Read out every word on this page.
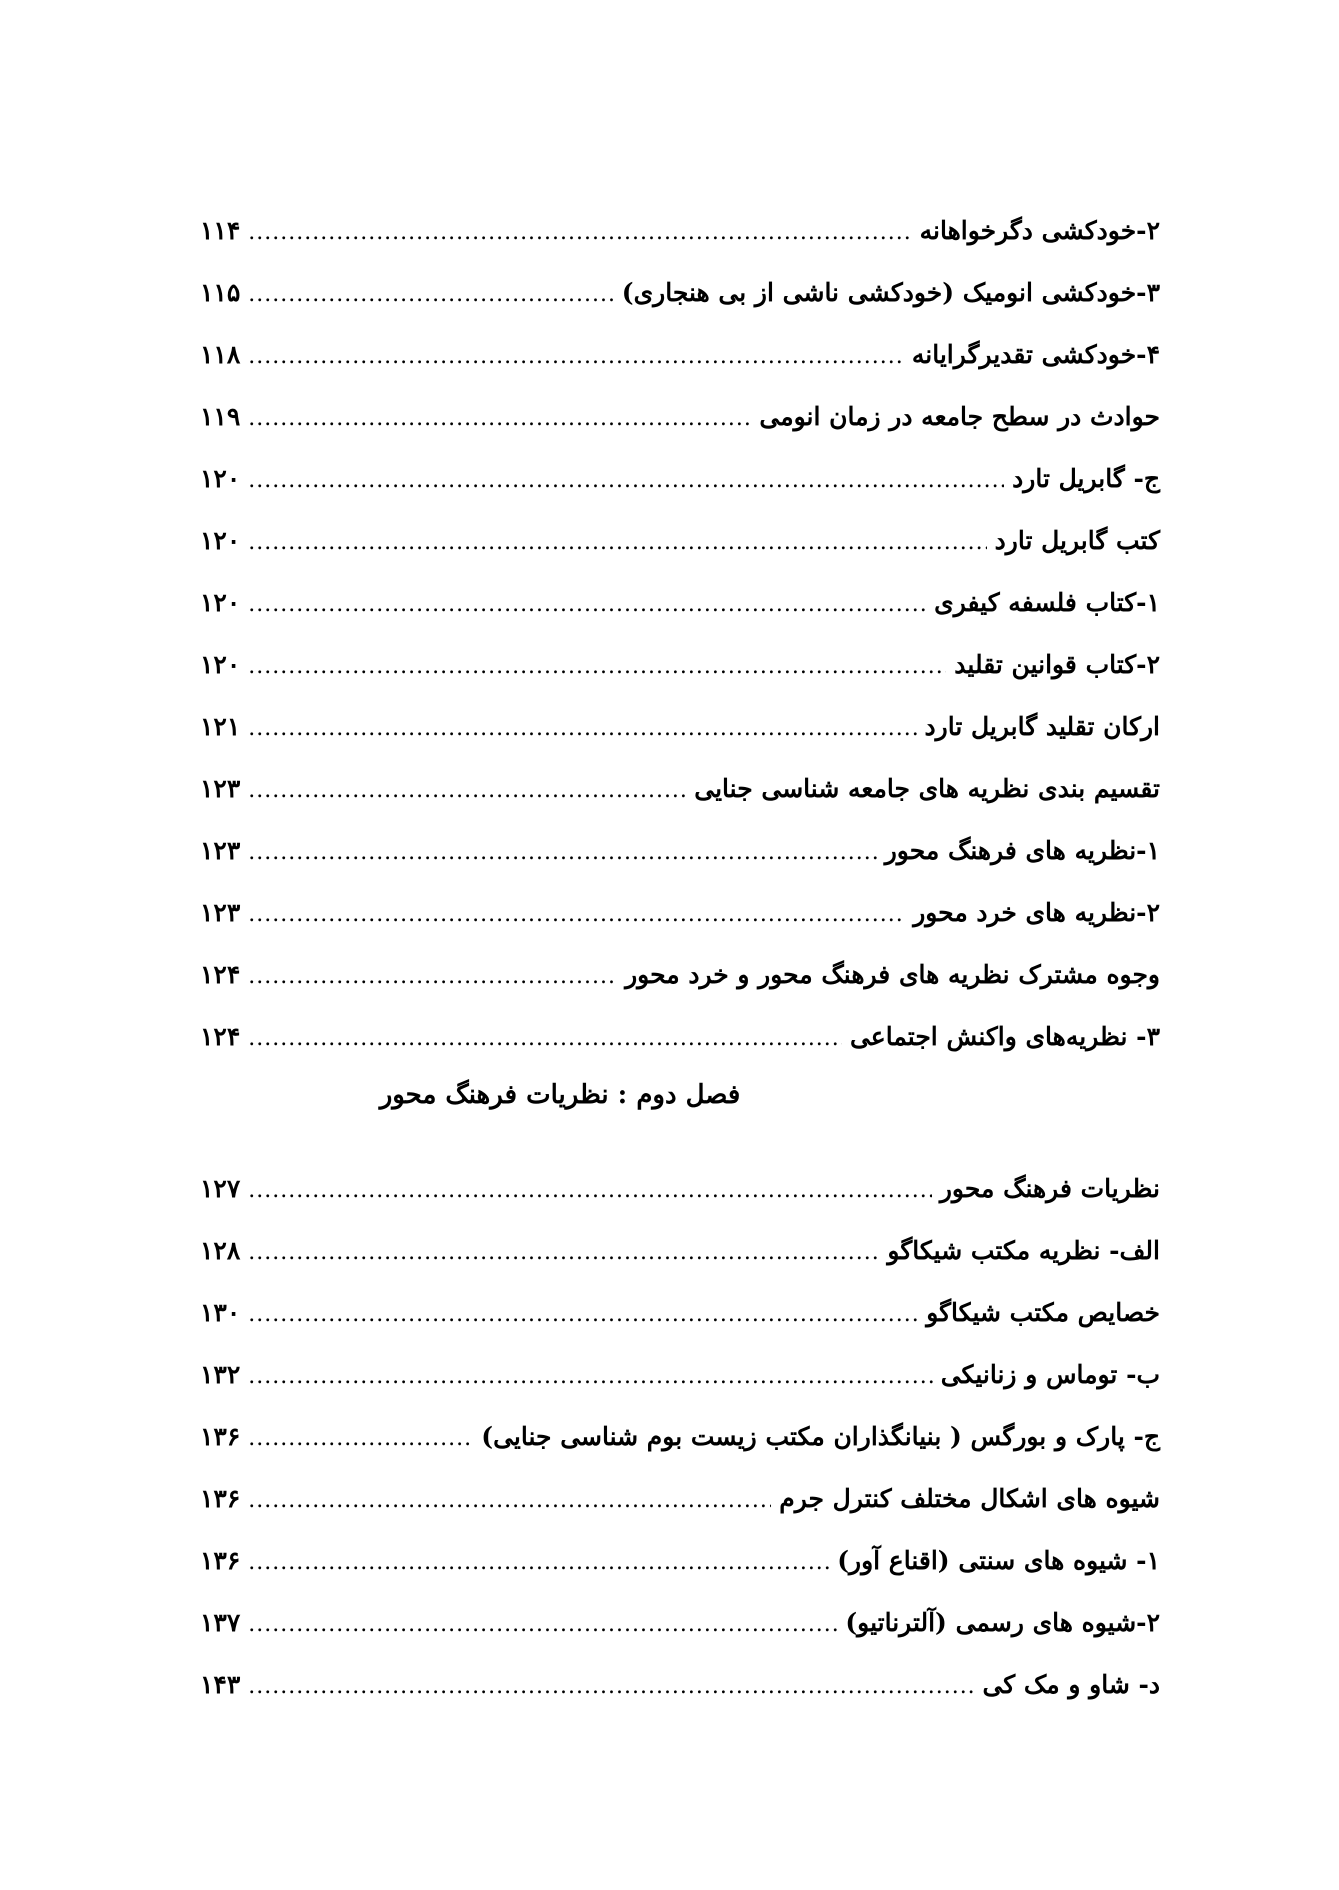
۲-خودکشی دگرخواهانه
.....
۱۱۴
۳-خودکشی انومیک (خودکشی ناشی از بی هنجاری)
.....
۱۱۵
۴-خودکشی تقدیرگرایانه
.....
۱۱۸
حوادث در سطح جامعه در زمان انومی
.....
۱۱۹
ج- گابریل تارد
.....
۱۲۰
کتب گابریل تارد
.....
۱۲۰
۱-کتاب فلسفه کیفری
.....
۱۲۰
۲-کتاب قوانین تقلید
.....
۱۲۰
ارکان تقلید گابریل تارد
.....
۱۲۱
تقسیم بندی نظریه های جامعه شناسی جنایی
.....
۱۲۳
۱-نظریه های فرهنگ محور
.....
۱۲۳
۲-نظریه های خرد محور
.....
۱۲۳
وجوه مشترک نظریه های فرهنگ محور و خرد محور
.....
۱۲۴
۳- نظریه‌های واکنش اجتماعی
.....
۱۲۴
فصل دوم : نظریات فرهنگ محور
نظریات فرهنگ محور
.....
۱۲۷
الف- نظریه مکتب شیکاگو
.....
۱۲۸
خصایص مکتب شیکاگو
.....
۱۳۰
ب- توماس و زنانیکی
.....
۱۳۲
ج- پارک و بورگس ( بنیانگذاران مکتب زیست بوم شناسی جنایی)
.....
۱۳۶
شیوه های اشکال مختلف کنترل جرم
.....
۱۳۶
۱- شیوه های سنتی (اقناع آور)
.....
۱۳۶
۲-شیوه های رسمی (آلترناتیو)
.....
۱۳۷
د- شاو و مک کی
.....
۱۴۳
